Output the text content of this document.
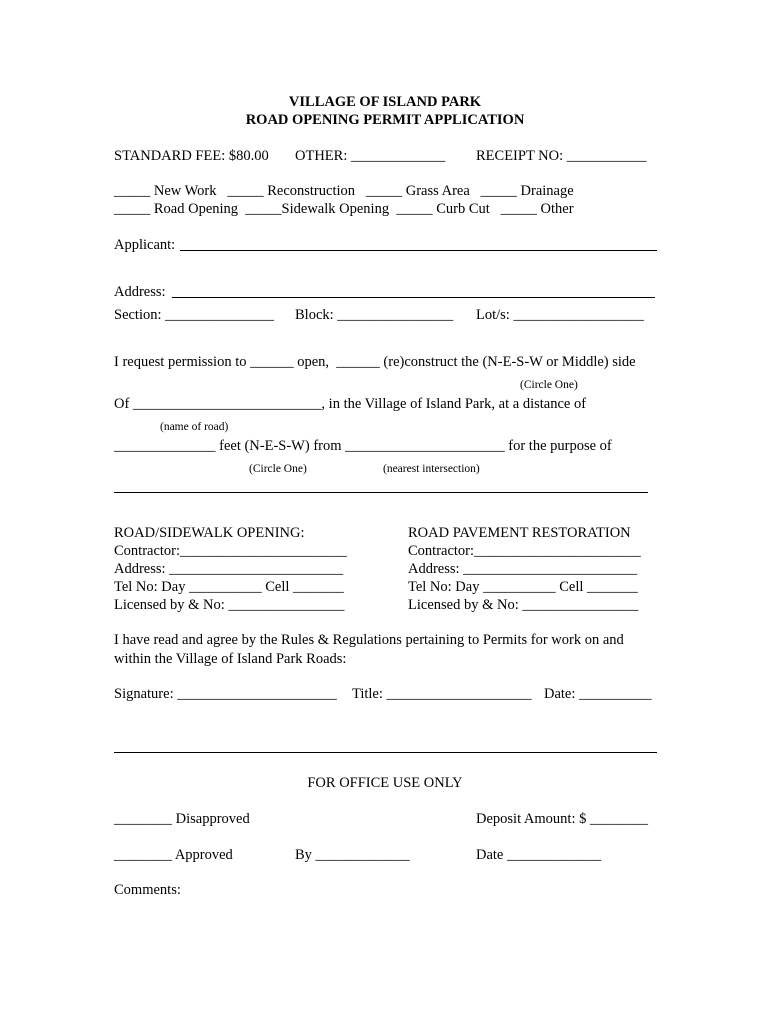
VILLAGE OF ISLAND PARK
ROAD OPENING PERMIT APPLICATION
STANDARD FEE: $80.00 OTHER: _____________ RECEIPT NO: ___________
_____ New Work   _____ Reconstruction   _____ Grass Area   _____ Drainage
_____ Road Opening  _____Sidewalk Opening  _____ Curb Cut   _____ Other
Applicant:
Address:
Section: _______________ Block: ________________ Lot/s: __________________
I request permission to ______ open,  ______ (re)construct the (N-E-S-W or Middle) side
(Circle One)
Of __________________________, in the Village of Island Park, at a distance of
(name of road)
______________ feet (N-E-S-W) from ______________________ for the purpose of
(Circle One)	(nearest intersection)
ROAD/SIDEWALK OPENING:
Contractor:_______________________
Address: ________________________
Tel No: Day __________ Cell _______
Licensed by & No: ________________
ROAD PAVEMENT RESTORATION
Contractor:_______________________
Address: ________________________
Tel No: Day __________ Cell _______
Licensed by & No: ________________
I have read and agree by the Rules & Regulations pertaining to Permits for work on and
within the Village of Island Park Roads:
Signature: ______________________ Title: ____________________ Date: __________
FOR OFFICE USE ONLY
________ Disapproved	Deposit Amount: $ ________
________ Approved	By _____________	Date _____________
Comments:
